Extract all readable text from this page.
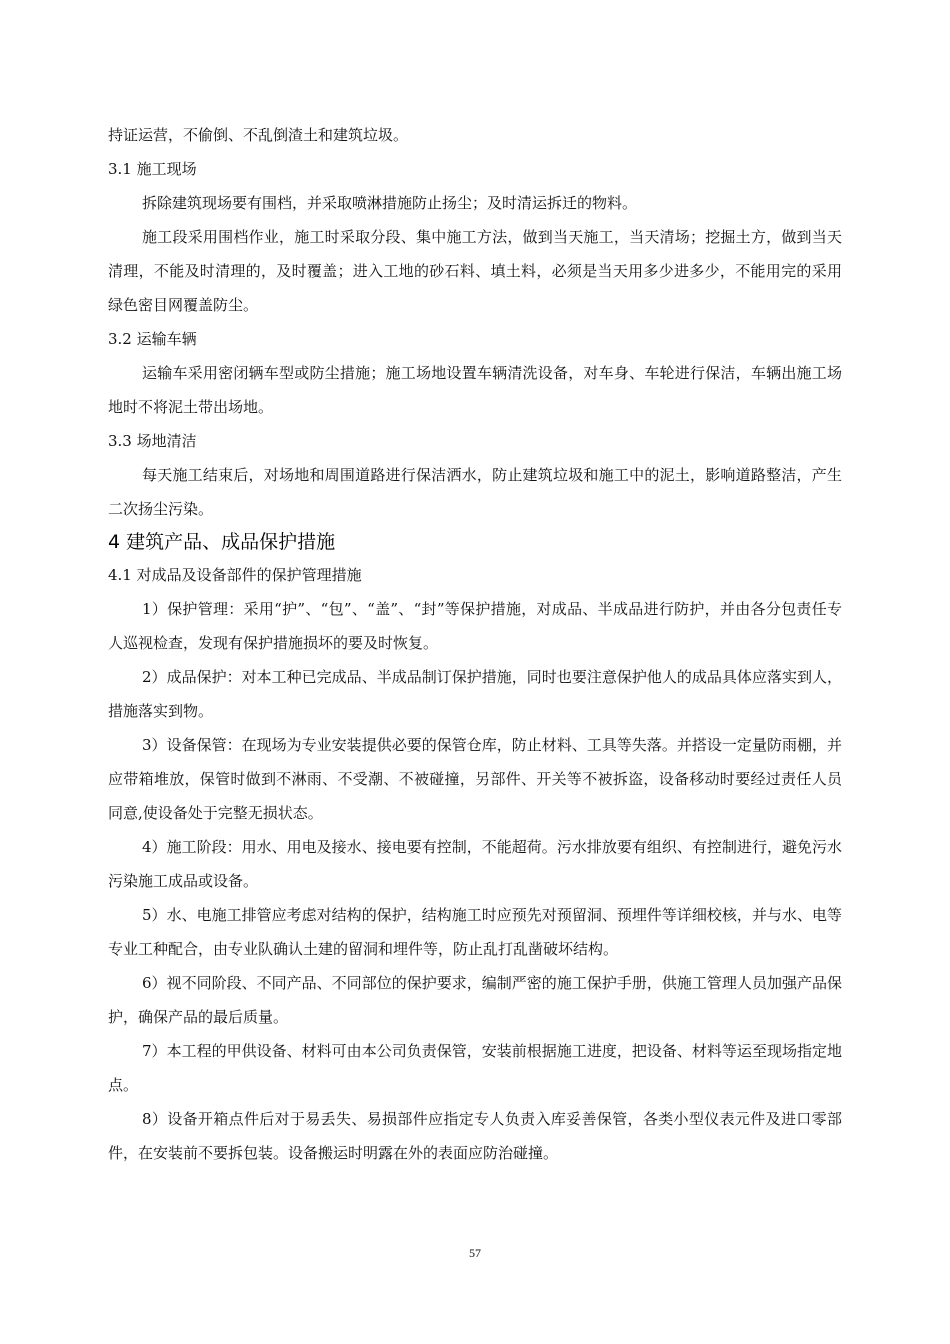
持证运营，不偷倒、不乱倒渣土和建筑垃圾。

3.1 施工现场

拆除建筑现场要有围档，并采取喷淋措施防止扬尘；及时清运拆迁的物料。

施工段采用围档作业，施工时采取分段、集中施工方法，做到当天施工，当天清场；挖掘土方，做到当天清理，不能及时清理的，及时覆盖；进入工地的砂石料、填土料，必须是当天用多少进多少，不能用完的采用绿色密目网覆盖防尘。

3.2 运输车辆

运输车采用密闭辆车型或防尘措施；施工场地设置车辆清洗设备，对车身、车轮进行保洁，车辆出施工场地时不将泥土带出场地。

3.3 场地清洁

每天施工结束后，对场地和周围道路进行保洁洒水，防止建筑垃圾和施工中的泥土，影响道路整洁，产生二次扬尘污染。

4 建筑产品、成品保护措施

4.1 对成品及设备部件的保护管理措施

1）保护管理：采用“护”、“包”、“盖”、“封”等保护措施，对成品、半成品进行防护，并由各分包责任专人巡视检查，发现有保护措施损坏的要及时恢复。

2）成品保护：对本工种已完成品、半成品制订保护措施，同时也要注意保护他人的成品具体应落实到人，措施落实到物。

3）设备保管：在现场为专业安装提供必要的保管仓库，防止材料、工具等失落。并搭设一定量防雨棚，并应带箱堆放，保管时做到不淋雨、不受潮、不被碰撞，另部件、开关等不被拆盗，设备移动时要经过责任人员同意,使设备处于完整无损状态。

4）施工阶段：用水、用电及接水、接电要有控制，不能超荷。污水排放要有组织、有控制进行，避免污水污染施工成品或设备。

5）水、电施工排管应考虑对结构的保护，结构施工时应预先对预留洞、预埋件等详细校核，并与水、电等专业工种配合，由专业队确认土建的留洞和埋件等，防止乱打乱凿破坏结构。

6）视不同阶段、不同产品、不同部位的保护要求，编制严密的施工保护手册，供施工管理人员加强产品保护，确保产品的最后质量。

7）本工程的甲供设备、材料可由本公司负责保管，安装前根据施工进度，把设备、材料等运至现场指定地点。

8）设备开箱点件后对于易丢失、易损部件应指定专人负责入库妥善保管，各类小型仪表元件及进口零部件，在安装前不要拆包装。设备搬运时明露在外的表面应防治碰撞。

57
